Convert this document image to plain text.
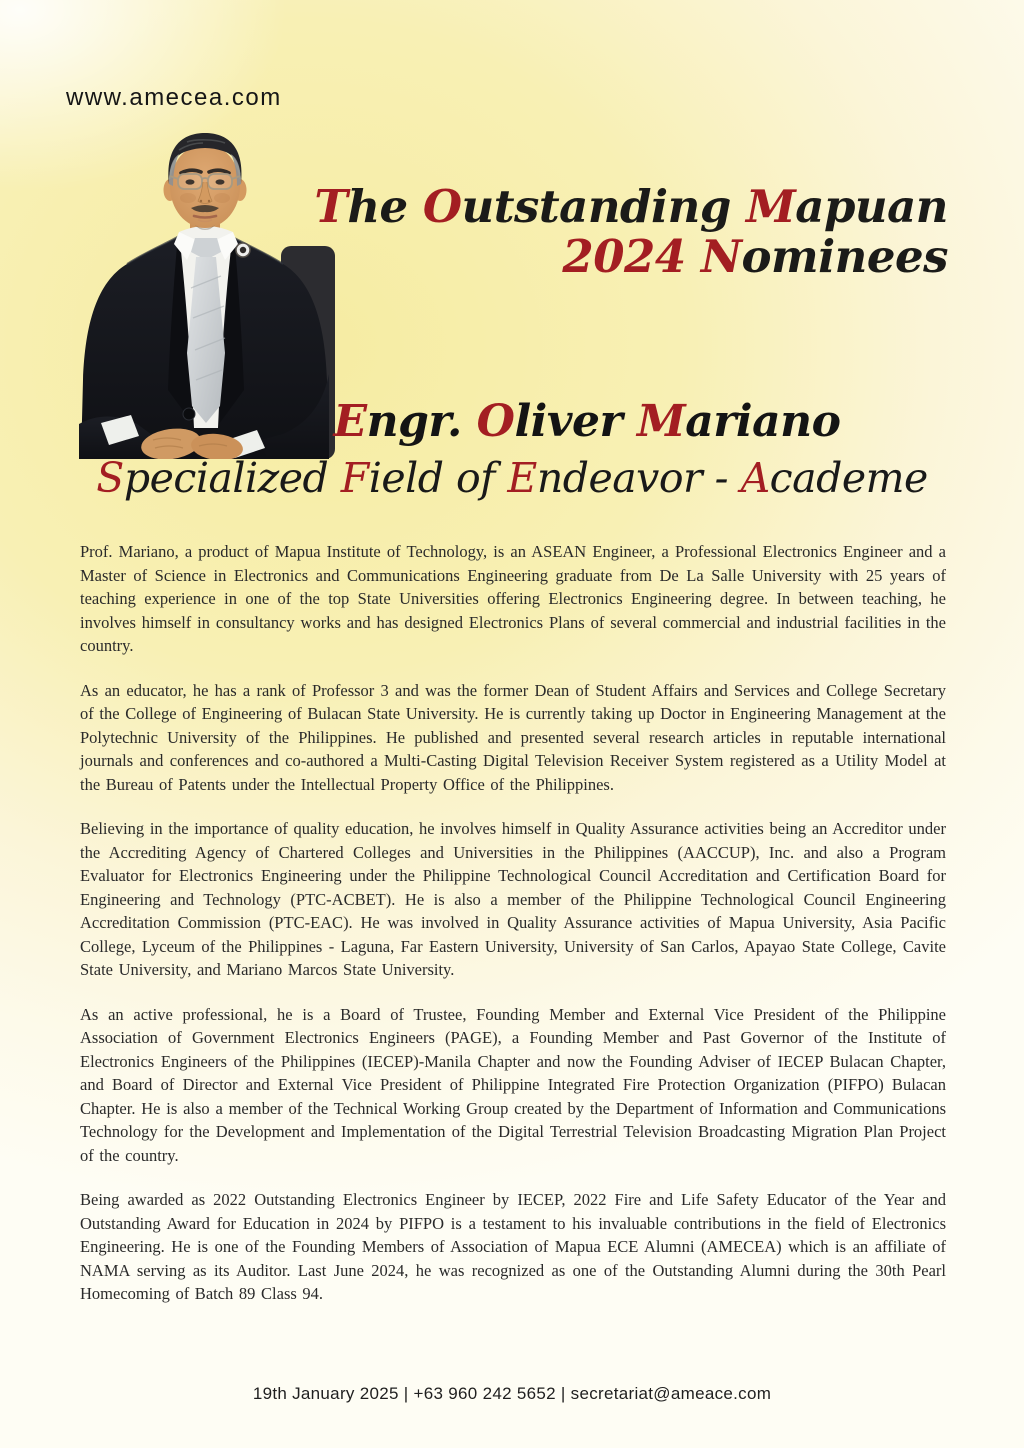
www.amecea.com
The Outstanding Mapuan
2024 Nominees
Engr. Oliver Mariano
Specialized Field of Endeavor - Academe

Prof. Mariano, a product of Mapua Institute of Technology, is an ASEAN Engineer, a Professional Electronics Engineer and a Master of Science in Electronics and Communications Engineering graduate from De La Salle University with 25 years of teaching experience in one of the top State Universities offering Electronics Engineering degree. In between teaching, he involves himself in consultancy works and has designed Electronics Plans of several commercial and industrial facilities in the country.

As an educator, he has a rank of Professor 3 and was the former Dean of Student Affairs and Services and College Secretary of the College of Engineering of Bulacan State University. He is currently taking up Doctor in Engineering Management at the Polytechnic University of the Philippines. He published and presented several research articles in reputable international journals and conferences and co-authored a Multi-Casting Digital Television Receiver System registered as a Utility Model at the Bureau of Patents under the Intellectual Property Office of the Philippines.

Believing in the importance of quality education, he involves himself in Quality Assurance activities being an Accreditor under the Accrediting Agency of Chartered Colleges and Universities in the Philippines (AACCUP), Inc. and also a Program Evaluator for Electronics Engineering under the Philippine Technological Council Accreditation and Certification Board for Engineering and Technology (PTC-ACBET). He is also a member of the Philippine Technological Council Engineering Accreditation Commission (PTC-EAC). He was involved in Quality Assurance activities of Mapua University, Asia Pacific College, Lyceum of the Philippines - Laguna, Far Eastern University, University of San Carlos, Apayao State College, Cavite State University, and Mariano Marcos State University.

As an active professional, he is a Board of Trustee, Founding Member and External Vice President of the Philippine Association of Government Electronics Engineers (PAGE), a Founding Member and Past Governor of the Institute of Electronics Engineers of the Philippines (IECEP)-Manila Chapter and now the Founding Adviser of IECEP Bulacan Chapter, and Board of Director and External Vice President of Philippine Integrated Fire Protection Organization (PIFPO) Bulacan Chapter. He is also a member of the Technical Working Group created by the Department of Information and Communications Technology for the Development and Implementation of the Digital Terrestrial Television Broadcasting Migration Plan Project of the country.

Being awarded as 2022 Outstanding Electronics Engineer by IECEP, 2022 Fire and Life Safety Educator of the Year and Outstanding Award for Education in 2024 by PIFPO is a testament to his invaluable contributions in the field of Electronics Engineering. He is one of the Founding Members of Association of Mapua ECE Alumni (AMECEA) which is an affiliate of NAMA serving as its Auditor. Last June 2024, he was recognized as one of the Outstanding Alumni during the 30th Pearl Homecoming of Batch 89 Class 94.

19th January 2025 | +63 960 242 5652 | secretariat@ameace.com
